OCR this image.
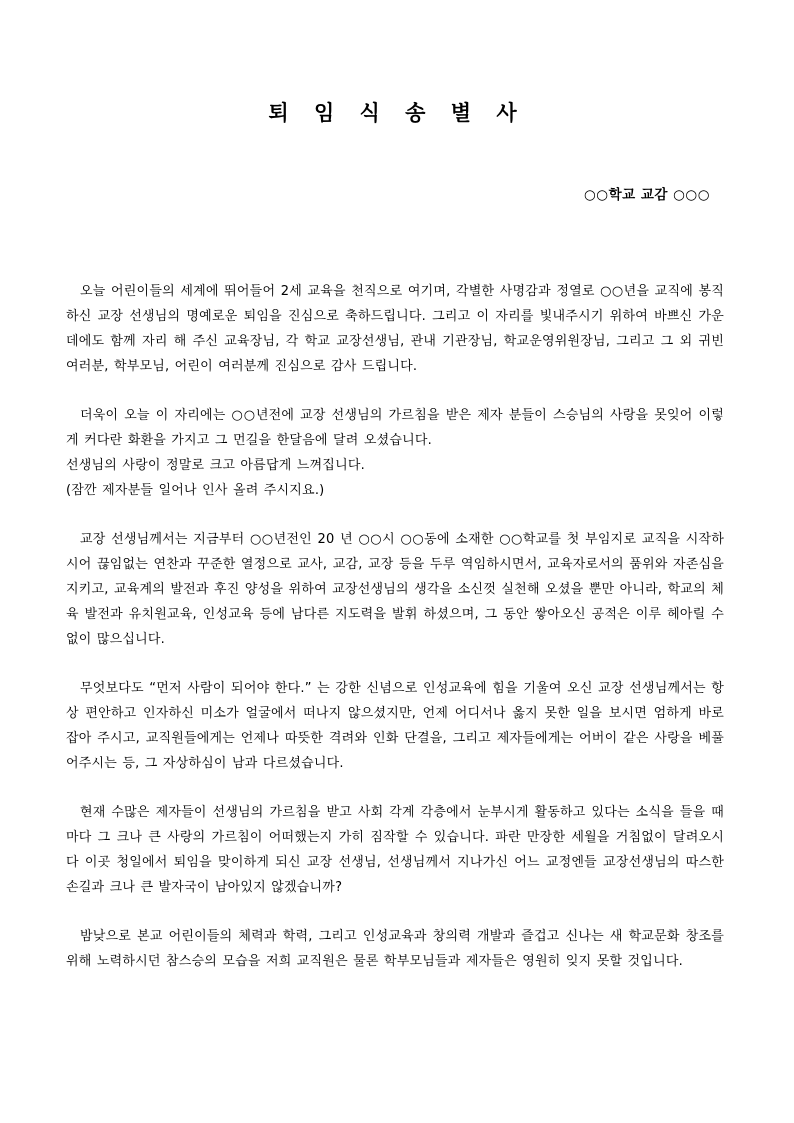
퇴 임 식 송 별 사

○○학교 교감 ○○○

오늘 어린이들의 세계에 뛰어들어 2세 교육을 천직으로 여기며, 각별한 사명감과 정열로 ○○년을 교직에 봉직하신 교장 선생님의 명예로운 퇴임을 진심으로 축하드립니다. 그리고 이 자리를 빛내주시기 위하여 바쁘신 가운데에도 함께 자리 해 주신 교육장님, 각 학교 교장선생님, 관내 기관장님, 학교운영위원장님, 그리고 그 외 귀빈 여러분, 학부모님, 어린이 여러분께 진심으로 감사 드립니다.

더욱이 오늘 이 자리에는 ○○년전에 교장 선생님의 가르침을 받은 제자 분들이 스승님의 사랑을 못잊어 이렇게 커다란 화환을 가지고 그 먼길을 한달음에 달려 오셨습니다.

선생님의 사랑이 정말로 크고 아름답게 느껴집니다.

(잠깐 제자분들 일어나 인사 올려 주시지요.)

교장 선생님께서는 지금부터 ○○년전인 20 년 ○○시 ○○동에 소재한 ○○학교를 첫 부임지로 교직을 시작하시어 끊임없는 연찬과 꾸준한 열정으로 교사, 교감, 교장 등을 두루 역임하시면서, 교육자로서의 품위와 자존심을 지키고, 교육계의 발전과 후진 양성을 위하여 교장선생님의 생각을 소신껏 실천해 오셨을 뿐만 아니라, 학교의 체육 발전과 유치원교육, 인성교육 등에 남다른 지도력을 발휘 하셨으며, 그 동안 쌓아오신 공적은 이루 헤아릴 수 없이 많으십니다.

무엇보다도 “먼저 사람이 되어야 한다.” 는 강한 신념으로 인성교육에 힘을 기울여 오신 교장 선생님께서는 항상 편안하고 인자하신 미소가 얼굴에서 떠나지 않으셨지만, 언제 어디서나 옳지 못한 일을 보시면 엄하게 바로 잡아 주시고, 교직원들에게는 언제나 따뜻한 격려와 인화 단결을, 그리고 제자들에게는 어버이 같은 사랑을 베풀어주시는 등, 그 자상하심이 남과 다르셨습니다.

현재 수많은 제자들이 선생님의 가르침을 받고 사회 각계 각층에서 눈부시게 활동하고 있다는 소식을 들을 때 마다 그 크나 큰 사랑의 가르침이 어떠했는지 가히 짐작할 수 있습니다. 파란 만장한 세월을 거침없이 달려오시다 이곳 청일에서 퇴임을 맞이하게 되신 교장 선생님, 선생님께서 지나가신 어느 교정엔들 교장선생님의 따스한 손길과 크나 큰 발자국이 남아있지 않겠습니까?

밤낮으로 본교 어린이들의 체력과 학력, 그리고 인성교육과 창의력 개발과 즐겁고 신나는 새 학교문화 창조를 위해 노력하시던 참스승의 모습을 저희 교직원은 물론 학부모님들과 제자들은 영원히 잊지 못할 것입니다.
